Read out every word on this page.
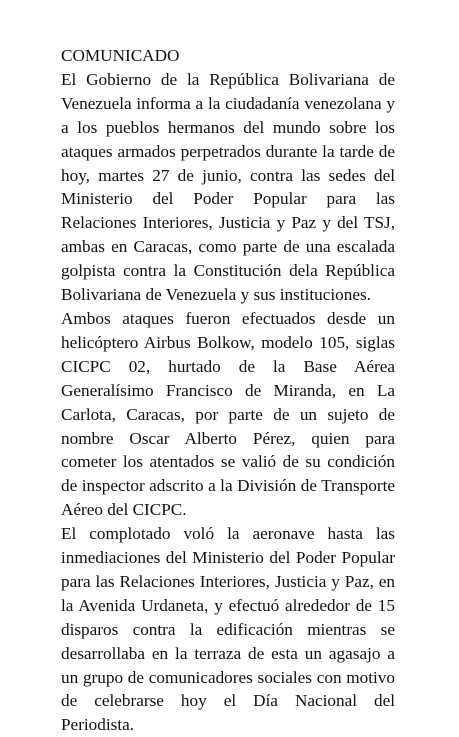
COMUNICADO

El Gobierno de la República Bolivariana de Venezuela informa a la ciudadanía venezolana y a los pueblos hermanos del mundo sobre los ataques armados perpetrados durante la tarde de hoy, martes 27 de junio, contra las sedes del Ministerio del Poder Popular para las Relaciones Interiores, Justicia y Paz y del TSJ, ambas en Caracas, como parte de una escalada golpista contra la Constitución dela República Bolivariana de Venezuela y sus instituciones.

Ambos ataques fueron efectuados desde un helicóptero Airbus Bolkow, modelo 105, siglas CICPC 02, hurtado de la Base Aérea Generalísimo Francisco de Miranda, en La Carlota, Caracas, por parte de un sujeto de nombre Oscar Alberto Pérez, quien para cometer los atentados se valió de su condición de inspector adscrito a la División de Transporte Aéreo del CICPC.

El complotado voló la aeronave hasta las inmediaciones del Ministerio del Poder Popular para las Relaciones Interiores, Justicia y Paz, en la Avenida Urdaneta, y efectuó alrededor de 15 disparos contra la edificación mientras se desarrollaba en la terraza de esta un agasajo a un grupo de comunicadores sociales con motivo de celebrarse hoy el Día Nacional del Periodista.
